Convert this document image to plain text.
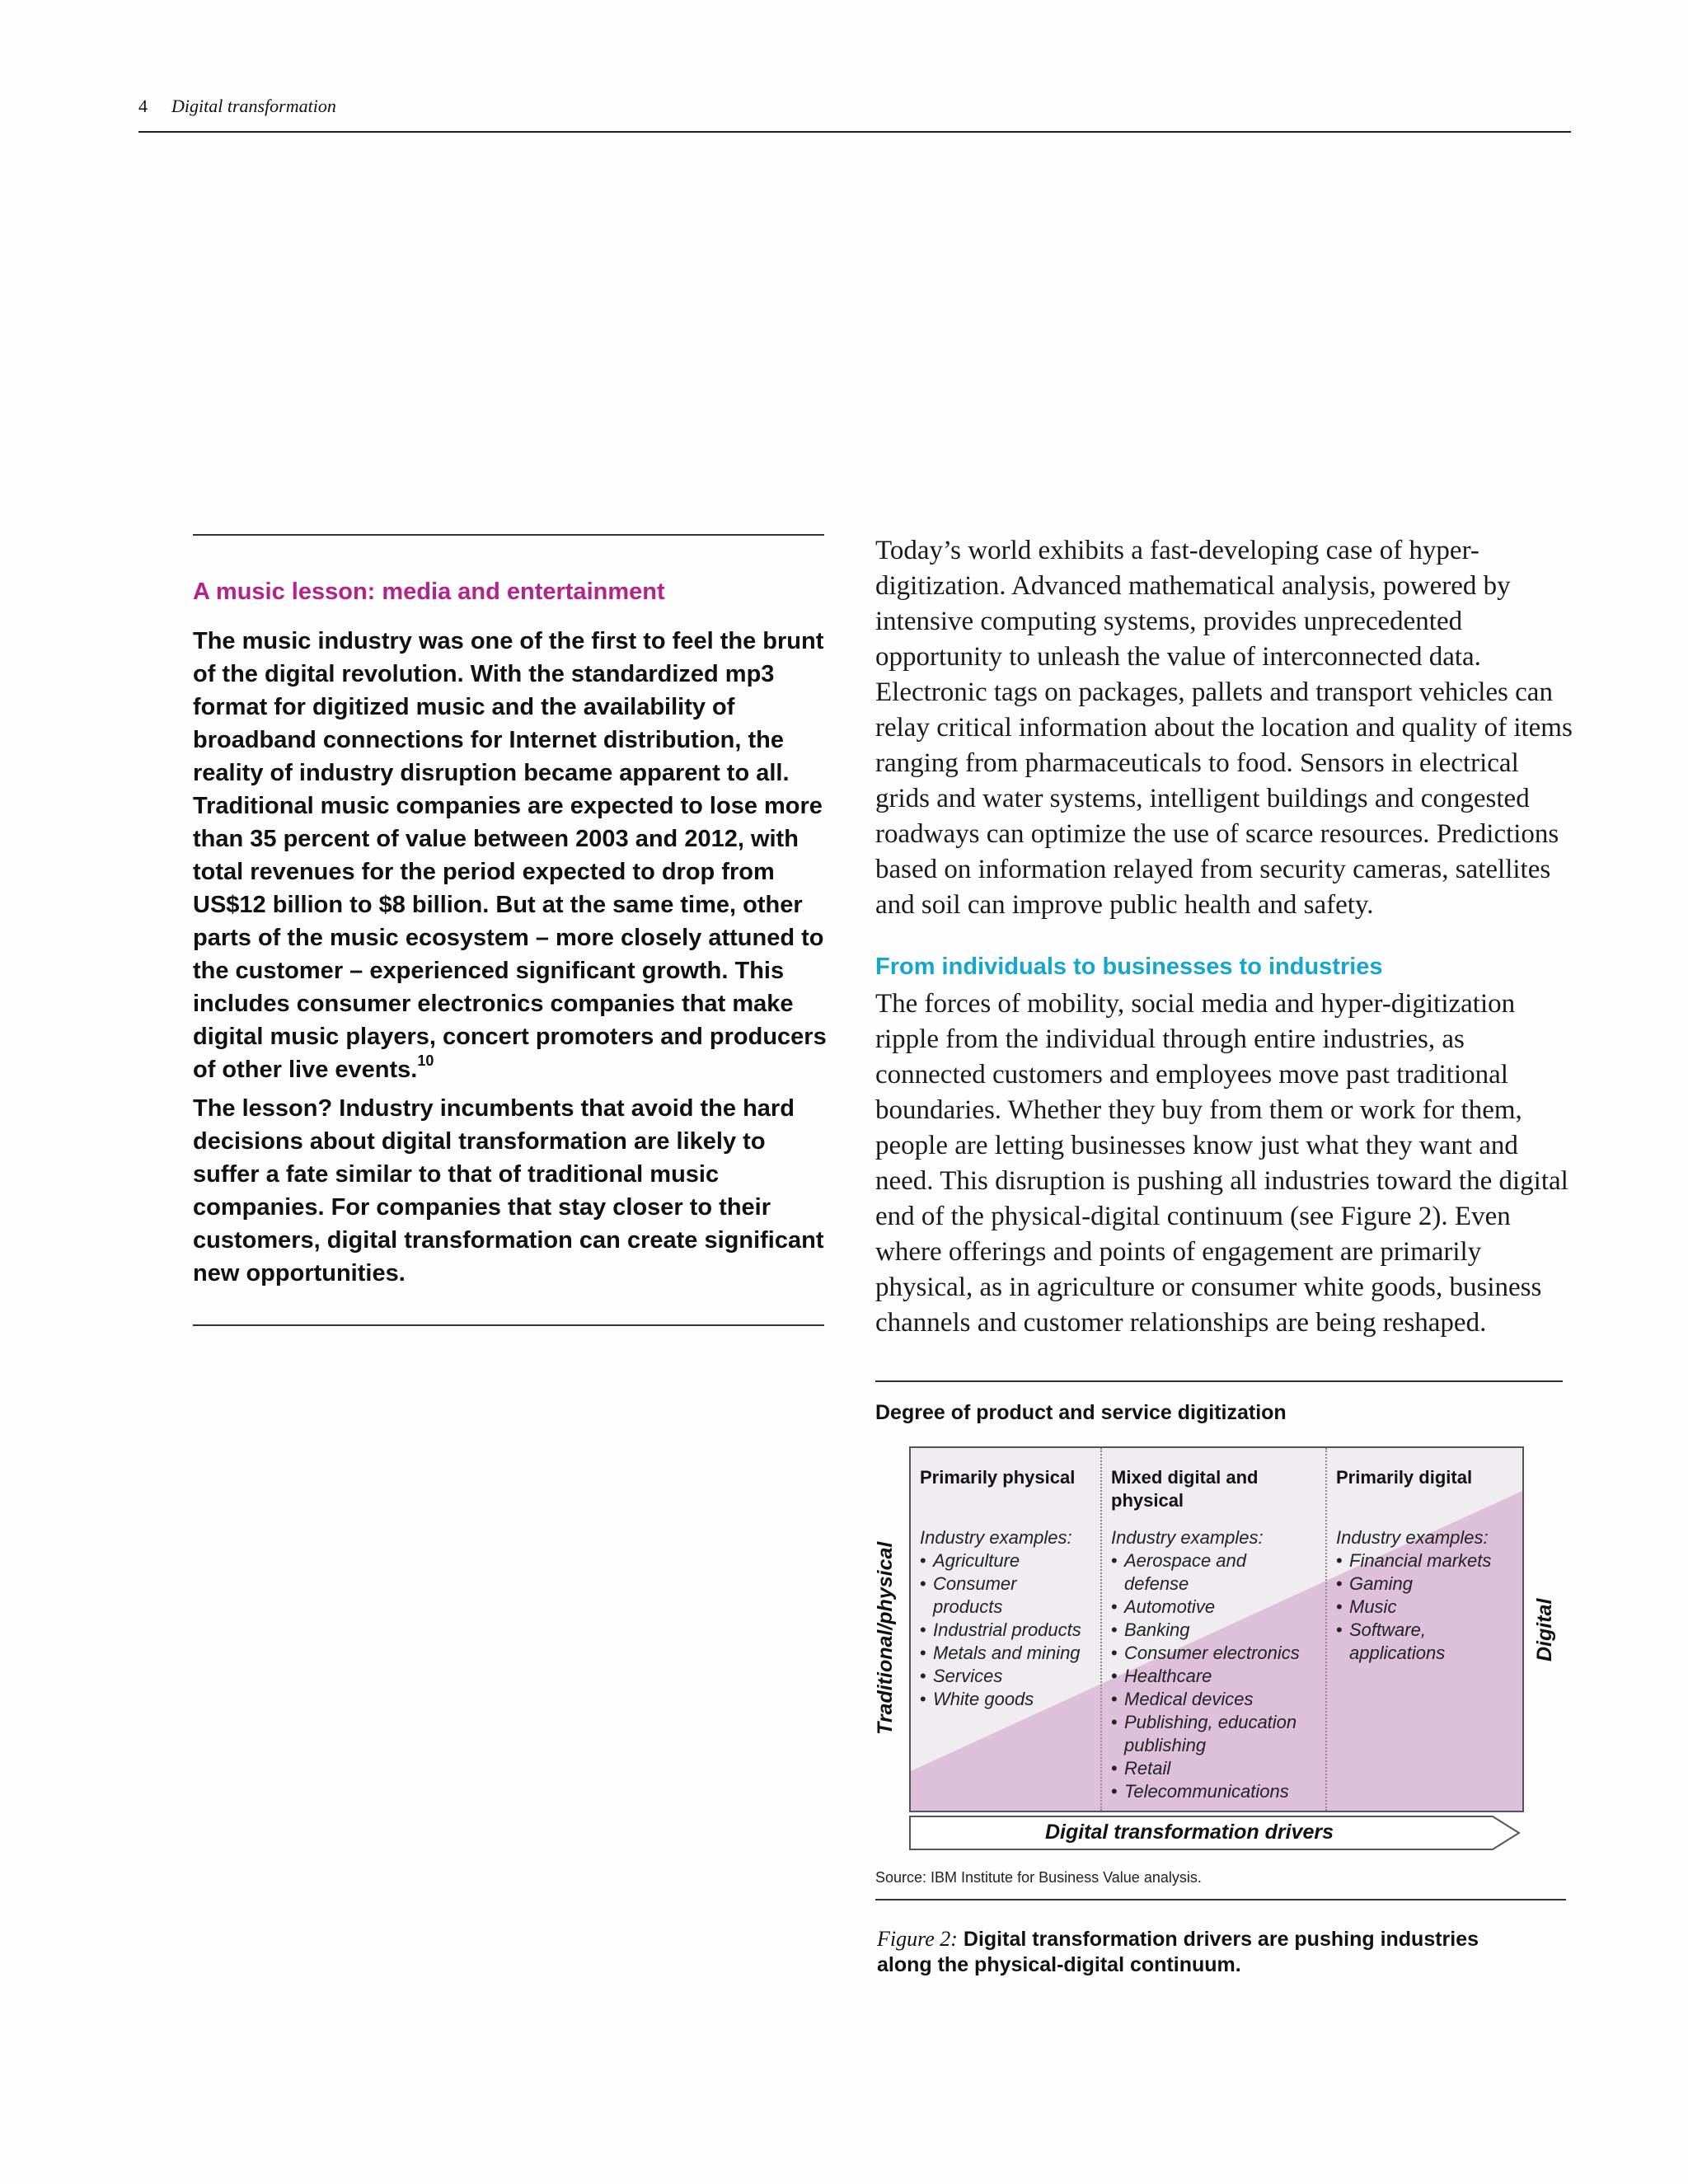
4 Digital transformation
A music lesson: media and entertainment

The music industry was one of the first to feel the brunt of the digital revolution. With the standardized mp3 format for digitized music and the availability of broadband connections for Internet distribution, the reality of industry disruption became apparent to all. Traditional music companies are expected to lose more than 35 percent of value between 2003 and 2012, with total revenues for the period expected to drop from US$12 billion to $8 billion. But at the same time, other parts of the music ecosystem – more closely attuned to the customer – experienced significant growth. This includes consumer electronics companies that make digital music players, concert promoters and producers of other live events.$^{10}$

The lesson? Industry incumbents that avoid the hard decisions about digital transformation are likely to suffer a fate similar to that of traditional music companies. For companies that stay closer to their customers, digital transformation can create significant new opportunities.

Today’s world exhibits a fast-developing case of hyper-digitization. Advanced mathematical analysis, powered by intensive computing systems, provides unprecedented opportunity to unleash the value of interconnected data. Electronic tags on packages, pallets and transport vehicles can relay critical information about the location and quality of items ranging from pharmaceuticals to food. Sensors in electrical grids and water systems, intelligent buildings and congested roadways can optimize the use of scarce resources. Predictions based on information relayed from security cameras, satellites and soil can improve public health and safety.

From individuals to businesses to industries

The forces of mobility, social media and hyper-digitization ripple from the individual through entire industries, as connected customers and employees move past traditional boundaries. Whether they buy from them or work for them, people are letting businesses know just what they want and need. This disruption is pushing all industries toward the digital end of the physical-digital continuum (see Figure 2). Even where offerings and points of engagement are primarily physical, as in agriculture or consumer white goods, business channels and customer relationships are being reshaped.

Degree of product and service digitization
Traditional/physical	Digital
Primarily physical	Mixed digital and physical
Primarily digital
Industry examples:
• Agriculture
• Consumer products
• Industrial products
• Metals and mining
• Services
• White goods
Industry examples:
• Aerospace and defense
• Automotive
• Banking
• Consumer electronics
• Healthcare
• Medical devices
• Publishing, education publishing
• Retail
• Telecommunications
Industry examples:
• Financial markets
• Gaming
• Music
• Software, applications
Digital transformation drivers
Source: IBM Institute for Business Value analysis.
Figure 2: Digital transformation drivers are pushing industries along the physical-digital continuum.
